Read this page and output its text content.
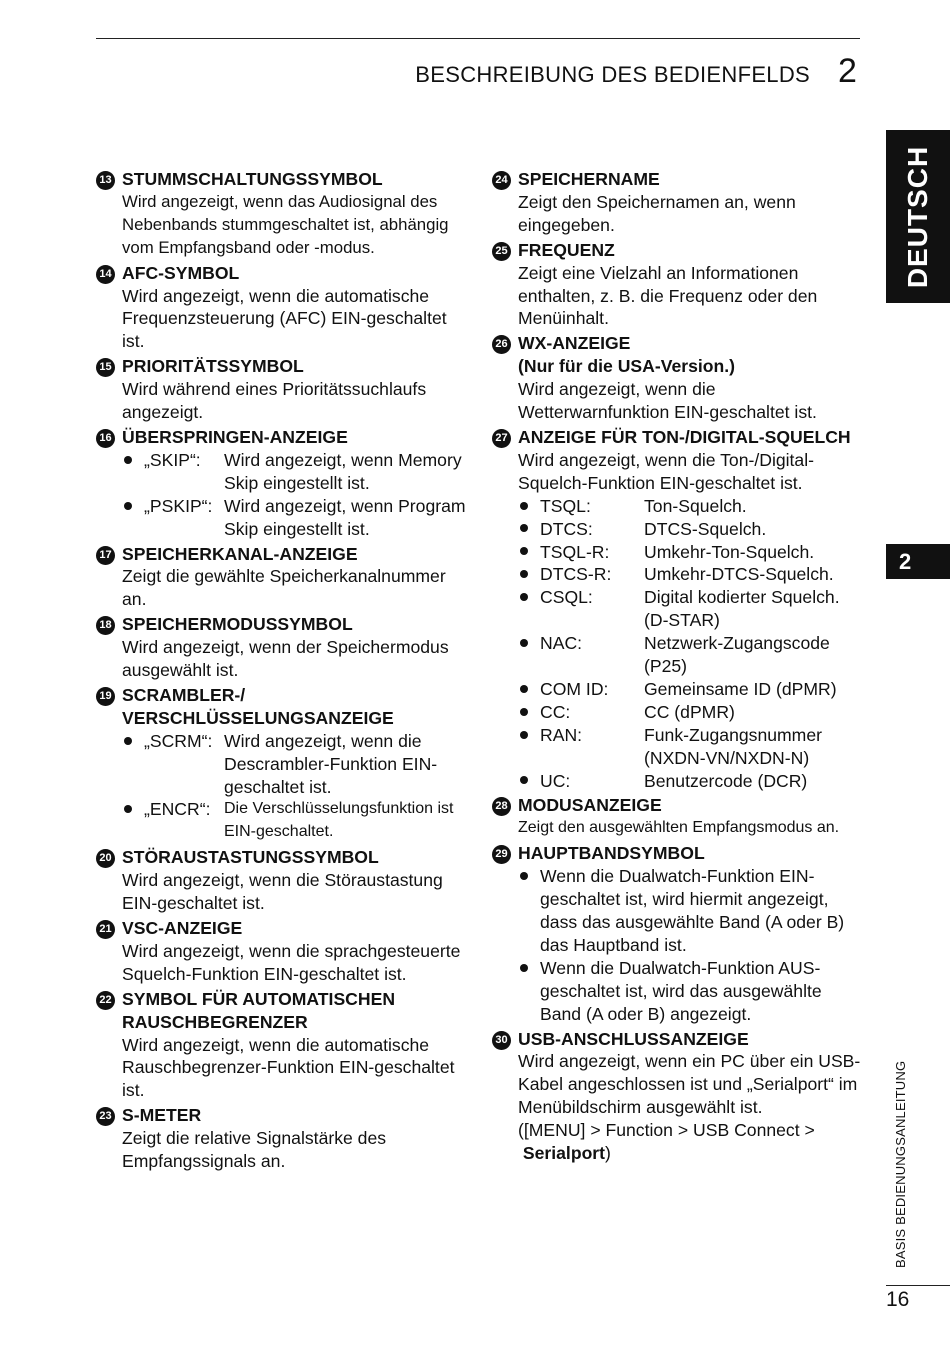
BESCHREIBUNG DES BEDIENFELDS 2
DEUTSCH
2
BASIS BEDIENUNGSANLEITUNG
16
13 STUMMSCHALTUNGSSYMBOL
Wird angezeigt, wenn das Audiosignal des Nebenbands stummgeschaltet ist, abhängig vom Empfangsband oder -modus.
14 AFC-SYMBOL
Wird angezeigt, wenn die automatische Frequenzsteuerung (AFC) EIN-geschaltet ist.
15 PRIORITÄTSSYMBOL
Wird während eines Prioritätssuchlaufs angezeigt.
16 ÜBERSPRINGEN-ANZEIGE
„SKIP“:	Wird angezeigt, wenn Memory Skip eingestellt ist.
„PSKIP“: Wird angezeigt, wenn Program Skip eingestellt ist.
17 SPEICHERKANAL-ANZEIGE
Zeigt die gewählte Speicherkanalnummer an.
18 SPEICHERMODUSSYMBOL
Wird angezeigt, wenn der Speichermodus ausgewählt ist.
19 SCRAMBLER-/ VERSCHLÜSSELUNGSANZEIGE
„SCRM“: Wird angezeigt, wenn die Descrambler-Funktion EIN-geschaltet ist.
„ENCR“: Die Verschlüsselungsfunktion ist EIN-geschaltet.
20 STÖRAUSTASTUNGSSYMBOL
Wird angezeigt, wenn die Störaustastung EIN-geschaltet ist.
21 VSC-ANZEIGE
Wird angezeigt, wenn die sprachgesteuerte Squelch-Funktion EIN-geschaltet ist.
22 SYMBOL FÜR AUTOMATISCHEN RAUSCHBEGRENZER
Wird angezeigt, wenn die automatische Rauschbegrenzer-Funktion EIN-geschaltet ist.
23 S-METER
Zeigt die relative Signalstärke des Empfangssignals an.
24 SPEICHERNAME
Zeigt den Speichernamen an, wenn eingegeben.
25 FREQUENZ
Zeigt eine Vielzahl an Informationen enthalten, z. B. die Frequenz oder den Menüinhalt.
26 WX-ANZEIGE
(Nur für die USA-Version.)
Wird angezeigt, wenn die Wetterwarnfunktion EIN-geschaltet ist.
27 ANZEIGE FÜR TON-/DIGITAL-SQUELCH
Wird angezeigt, wenn die Ton-/Digital-Squelch-Funktion EIN-geschaltet ist.
TSQL:	Ton-Squelch.
DTCS:	DTCS-Squelch.
TSQL-R:	Umkehr-Ton-Squelch.
DTCS-R:	Umkehr-DTCS-Squelch.
CSQL:	Digital kodierter Squelch. (D-STAR)
NAC:	Netzwerk-Zugangscode (P25)
COM ID:	Gemeinsame ID (dPMR)
CC:	CC (dPMR)
RAN:	Funk-Zugangsnummer (NXDN-VN/NXDN-N)
UC:	Benutzercode (DCR)
28 MODUSANZEIGE
Zeigt den ausgewählten Empfangsmodus an.
29 HAUPTBANDSYMBOL
Wenn die Dualwatch-Funktion EIN-geschaltet ist, wird hiermit angezeigt, dass das ausgewählte Band (A oder B) das Hauptband ist.
Wenn die Dualwatch-Funktion AUS-geschaltet ist, wird das ausgewählte Band (A oder B) angezeigt.
30 USB-ANSCHLUSSANZEIGE
Wird angezeigt, wenn ein PC über ein USB-Kabel angeschlossen ist und „Serialport“ im Menübildschirm ausgewählt ist.
([MENU] > Function > USB Connect >
Serialport)
